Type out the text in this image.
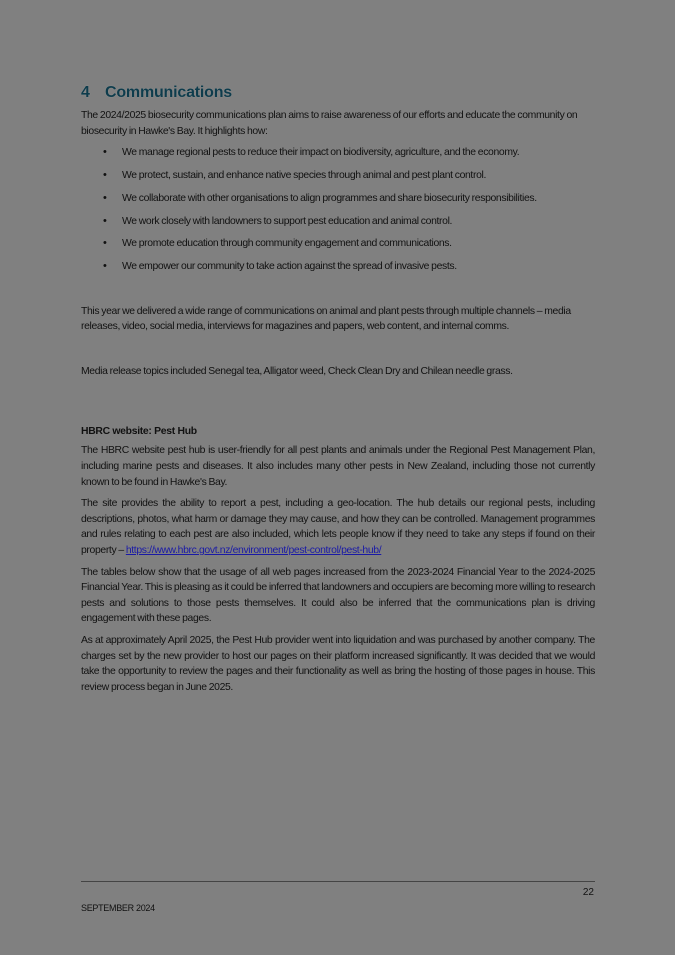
4 Communications

The 2024/2025 biosecurity communications plan aims to raise awareness of our efforts and educate the community on biosecurity in Hawke's Bay. It highlights how:

• We manage regional pests to reduce their impact on biodiversity, agriculture, and the economy.
• We protect, sustain, and enhance native species through animal and pest plant control.
• We collaborate with other organisations to align programmes and share biosecurity responsibilities.
• We work closely with landowners to support pest education and animal control.
• We promote education through community engagement and communications.
• We empower our community to take action against the spread of invasive pests.

This year we delivered a wide range of communications on animal and plant pests through multiple channels – media releases, video, social media, interviews for magazines and papers, web content, and internal comms.

Media release topics included Senegal tea, Alligator weed, Check Clean Dry and Chilean needle grass.

HBRC website: Pest Hub

The HBRC website pest hub is user-friendly for all pest plants and animals under the Regional Pest Management Plan, including marine pests and diseases. It also includes many other pests in New Zealand, including those not currently known to be found in Hawke's Bay.

The site provides the ability to report a pest, including a geo-location. The hub details our regional pests, including descriptions, photos, what harm or damage they may cause, and how they can be controlled. Management programmes and rules relating to each pest are also included, which lets people know if they need to take any steps if found on their property – https://www.hbrc.govt.nz/environment/pest-control/pest-hub/

The tables below show that the usage of all web pages increased from the 2023-2024 Financial Year to the 2024-2025 Financial Year. This is pleasing as it could be inferred that landowners and occupiers are becoming more willing to research pests and solutions to those pests themselves. It could also be inferred that the communications plan is driving engagement with these pages.

As at approximately April 2025, the Pest Hub provider went into liquidation and was purchased by another company. The charges set by the new provider to host our pages on their platform increased significantly. It was decided that we would take the opportunity to review the pages and their functionality as well as bring the hosting of those pages in house. This review process began in June 2025.

22
SEPTEMBER 2024
